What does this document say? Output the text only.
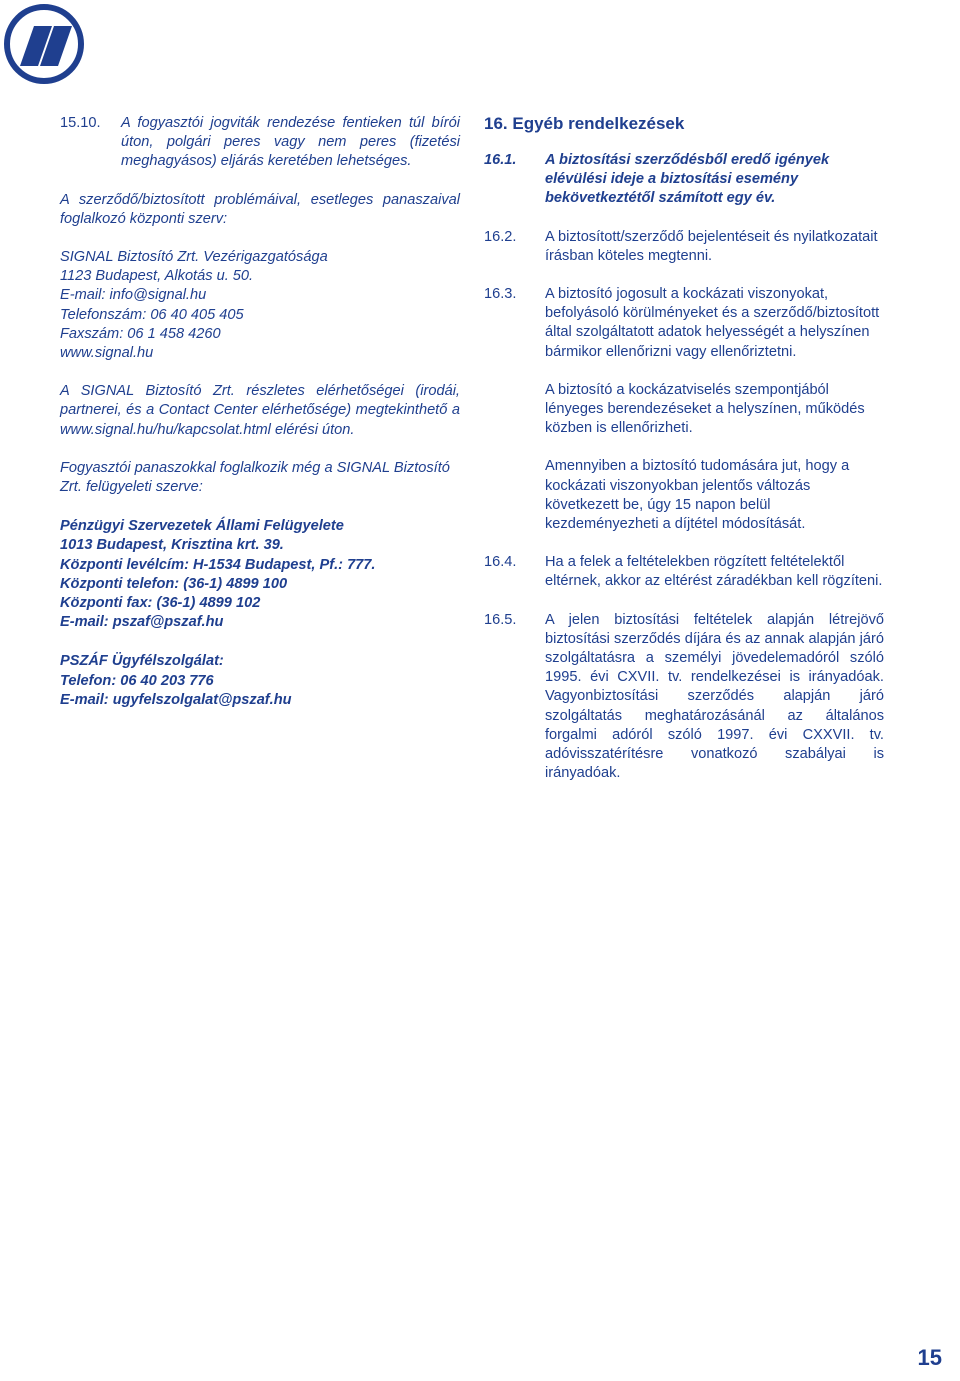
15.10.	A fogyasztói jogviták rendezése fentieken túl bírói úton, polgári peres vagy nem peres (fizetési meghagyásos) eljárás keretében lehetséges.

A szerződő/biztosított problémáival, esetleges panaszaival foglalkozó központi szerv:

SIGNAL Biztosító Zrt. Vezérigazgatósága

1123 Budapest, Alkotás u. 50.

E-mail: info@signal.hu

Telefonszám: 06 40 405 405

Faxszám: 06 1 458 4260

www.signal.hu

A SIGNAL Biztosító Zrt. részletes elérhetőségei (irodái, partnerei, és a Contact Center elérhetősége) megtekinthető a www.signal.hu/hu/kapcsolat.html elérési úton.

Fogyasztói panaszokkal foglalkozik még a SIGNAL Biztosító Zrt. felügyeleti szerve:

Pénzügyi Szervezetek Állami Felügyelete

1013 Budapest, Krisztina krt. 39.

Központi levélcím: H-1534 Budapest, Pf.: 777.

Központi telefon: (36-1) 4899 100

Központi fax: (36-1) 4899 102

E-mail: pszaf@pszaf.hu

PSZÁF Ügyfélszolgálat:

Telefon: 06 40 203 776

E-mail: ugyfelszolgalat@pszaf.hu

16. Egyéb rendelkezések

16.1.	A biztosítási szerződésből eredő igények elévülési ideje a biztosítási esemény bekövetkeztétől számított egy év.
16.2.	A biztosított/szerződő bejelentéseit és nyilatkozatait írásban köteles megtenni.
16.3.	A biztosító jogosult a kockázati viszonyokat, befolyásoló körülményeket és a szerződő/biztosított által szolgáltatott adatok helyességét a helyszínen bármikor ellenőrizni vagy ellenőriztetni.

A biztosító a kockázatviselés szempontjából lényeges berendezéseket a helyszínen, működés közben is ellenőrizheti.

Amennyiben a biztosító tudomására jut, hogy a kockázati viszonyokban jelentős változás következett be, úgy 15 napon belül kezdeményezheti a díjtétel módosítását.

16.4.	Ha a felek a feltételekben rögzített feltételektől eltérnek, akkor az eltérést záradékban kell rögzíteni.
16.5.	A jelen biztosítási feltételek alapján létrejövő biztosítási szerződés díjára és az annak alapján járó szolgáltatásra a személyi jövedelemadóról szóló 1995. évi CXVII. tv. rendelkezései is irányadóak. Vagyonbiztosítási szerződés alapján járó szolgáltatás meghatározásánál az általános forgalmi adóról szóló 1997. évi CXXVII. tv. adóvisszatérítésre vonatkozó szabályai is irányadóak.
15
